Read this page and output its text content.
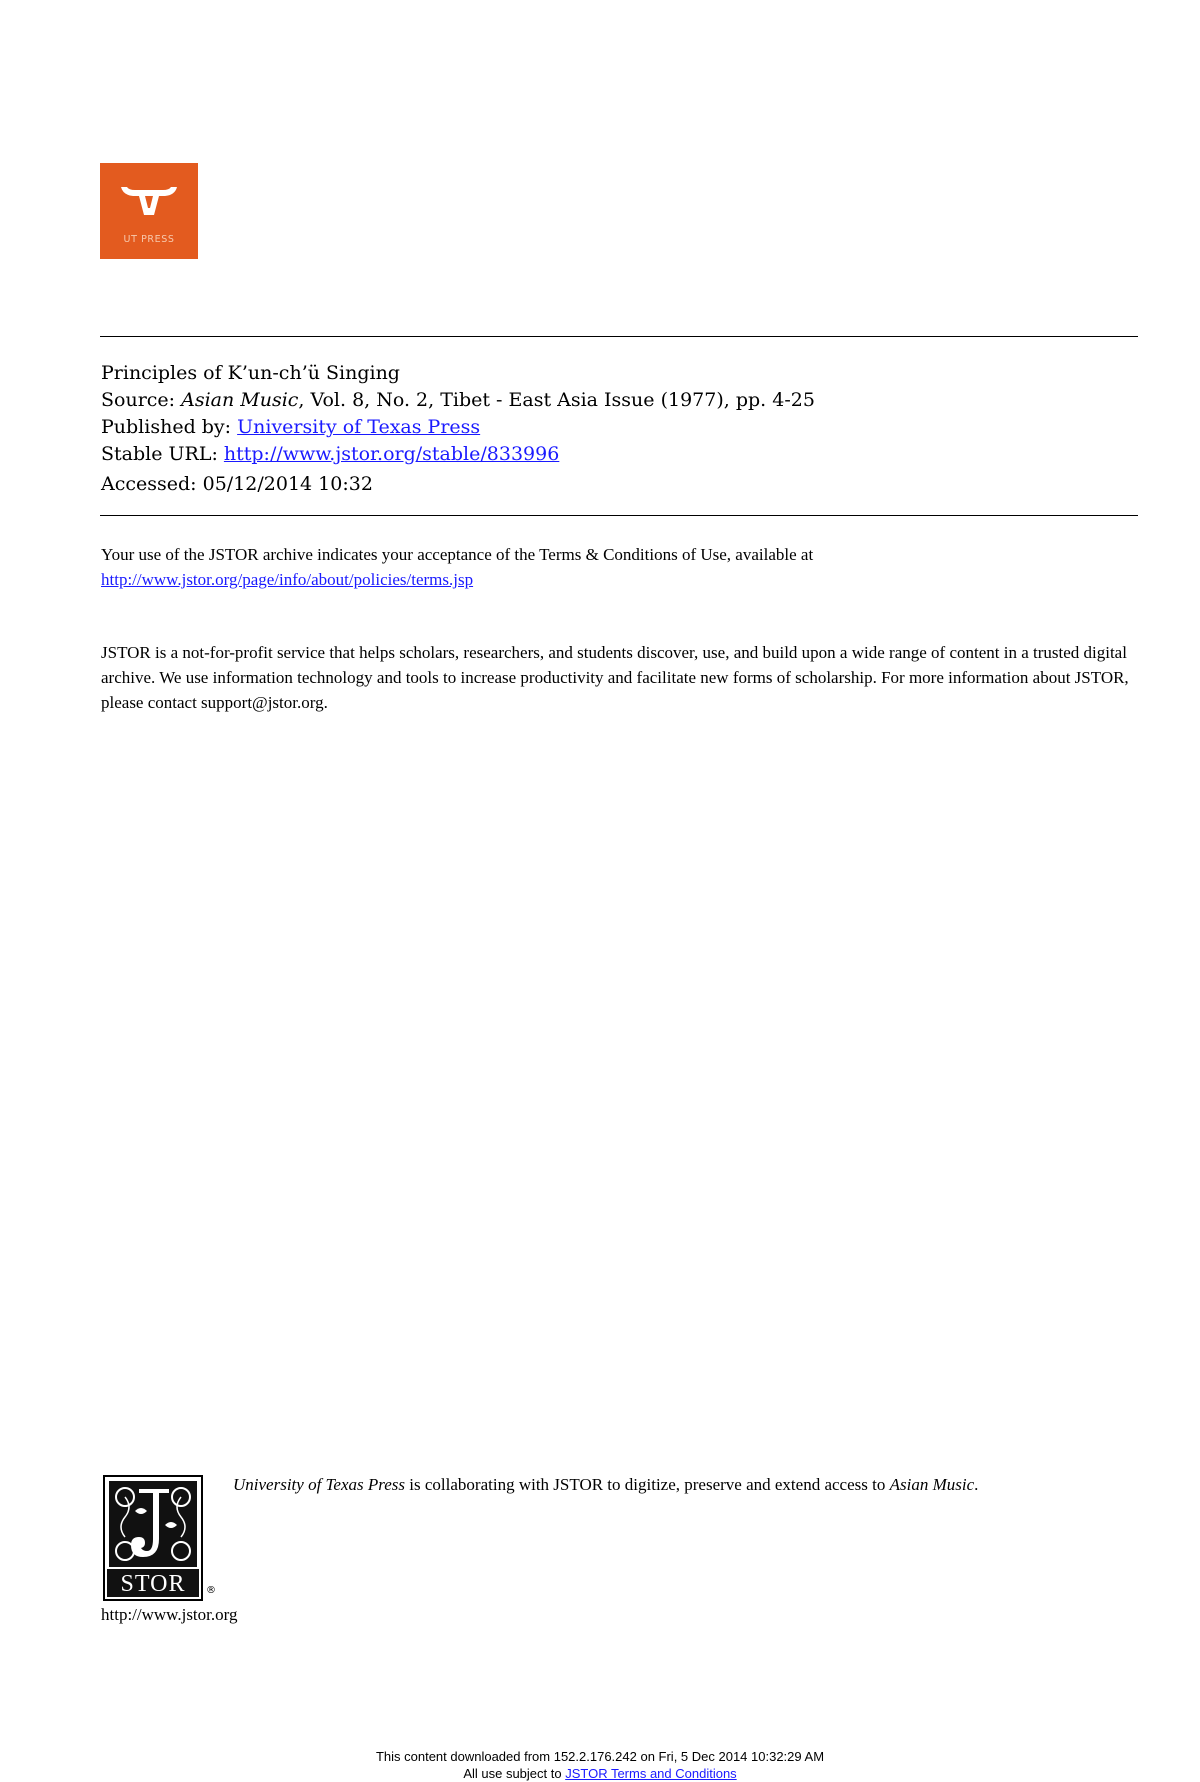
UT PRESS
Principles of K’un-ch’ü Singing
Source: Asian Music, Vol. 8, No. 2, Tibet - East Asia Issue (1977), pp. 4-25
Published by: University of Texas Press
Stable URL: http://www.jstor.org/stable/833996
Accessed: 05/12/2014 10:32
Your use of the JSTOR archive indicates your acceptance of the Terms & Conditions of Use, available at
http://www.jstor.org/page/info/about/policies/terms.jsp
JSTOR is a not-for-profit service that helps scholars, researchers, and students discover, use, and build upon a wide range of content in a trusted digital archive. We use information technology and tools to increase productivity and facilitate new forms of scholarship. For more information about JSTOR, please contact support@jstor.org.
STOR	®
http://www.jstor.org
University of Texas Press is collaborating with JSTOR to digitize, preserve and extend access to Asian Music.
This content downloaded from 152.2.176.242 on Fri, 5 Dec 2014 10:32:29 AM
All use subject to JSTOR Terms and Conditions
